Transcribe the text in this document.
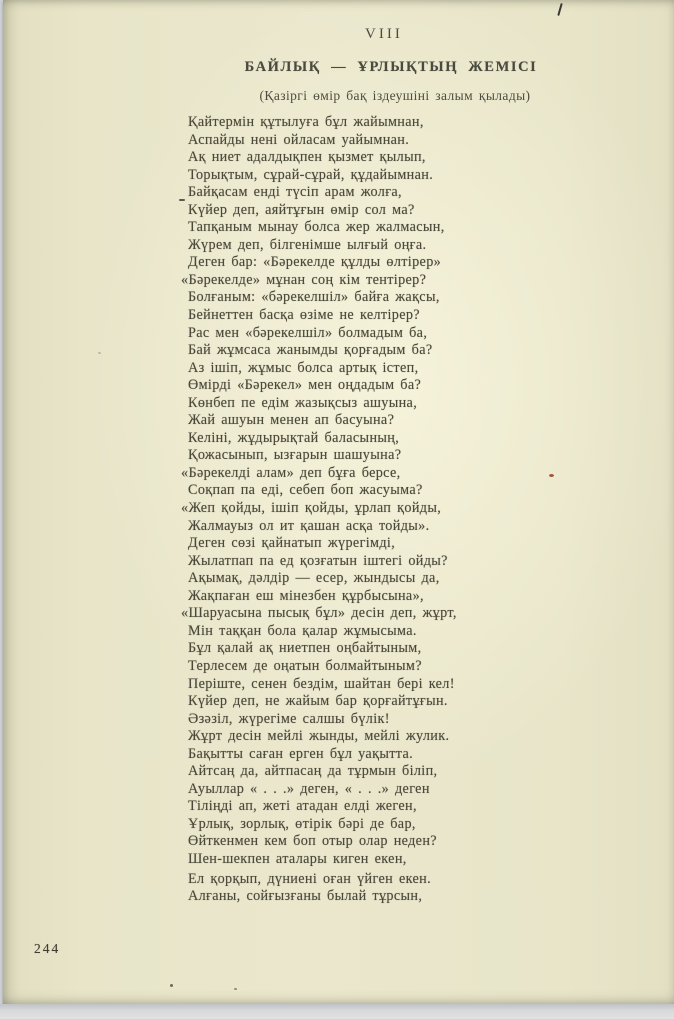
VIII
БАЙЛЫҚ — ҰРЛЫҚТЫҢ ЖЕМІСІ
(Қазіргі өмір бақ іздеушіні залым қылады)
Қайтермін құтылуға бұл жайымнан,
Аспайды нені ойласам уайымнан.
Ақ ниет адалдықпен қызмет қылып,
Торықтым, сұрай-сұрай, құдайымнан.
Байқасам енді түсіп арам жолға,
Күйер деп, аяйтұғын өмір сол ма?
Тапқаным мынау болса жер жалмасын,
Жүрем деп, білгенімше ылғый оңға.
Деген бар: «Бәрекелде құлды өлтірер»
«Бәрекелде» мұнан соң кім тентірер?
Болғаным: «бәрекелшіл» байға жақсы,
Бейнеттен басқа өзіме не келтірер?
Рас мен «бәрекелшіл» болмадым ба,
Бай жұмсаса жанымды қорғадым ба?
Аз ішіп, жұмыс болса артық істеп,
Өмірді «Бәрекел» мен оңдадым ба?
Көнбеп пе едім жазықсыз ашуына,
Жай ашуын менен ап басуына?
Келіні, жұдырықтай баласының,
Қожасынып, ызғарын шашуына?
«Бәрекелді алам» деп бұға берсе,
Соқпап па еді, себеп боп жасуыма?
«Жеп қойды, ішіп қойды, ұрлап қойды,
Жалмауыз ол ит қашан асқа тойды».
Деген сөзі қайнатып жүрегімді,
Жылатпап па ед қозғатын іштегі ойды?
Ақымақ, дәлдір — есер, жындысы да,
Жақпаған еш мінезбен құрбысына»,
«Шаруасына пысық бұл» десін деп, жұрт,
Мін таққан бола қалар жұмысыма.
Бұл қалай ақ ниетпен оңбайтыным,
Терлесем де оңатын болмайтыным?
Періште, сенен бездім, шайтан бері кел!
Күйер деп, не жайым бар қорғайтұғын.
Әзәзіл, жүрегіме салшы бүлік!
Жұрт десін мейлі жынды, мейлі жулик.
Бақытты саған ерген бұл уақытта.
Айтсаң да, айтпасаң да тұрмын біліп,
Ауыллар « . . .» деген, « . . .» деген
Тіліңді ап, жеті атадан елді жеген,
Ұрлық, зорлық, өтірік бәрі де бар,
Өйткенмен кем боп отыр олар неден?
Шен-шекпен аталары киген екен,
Ел қорқып, дүниені оған үйген екен.
Алғаны, сойғызғаны былай тұрсын,
244
